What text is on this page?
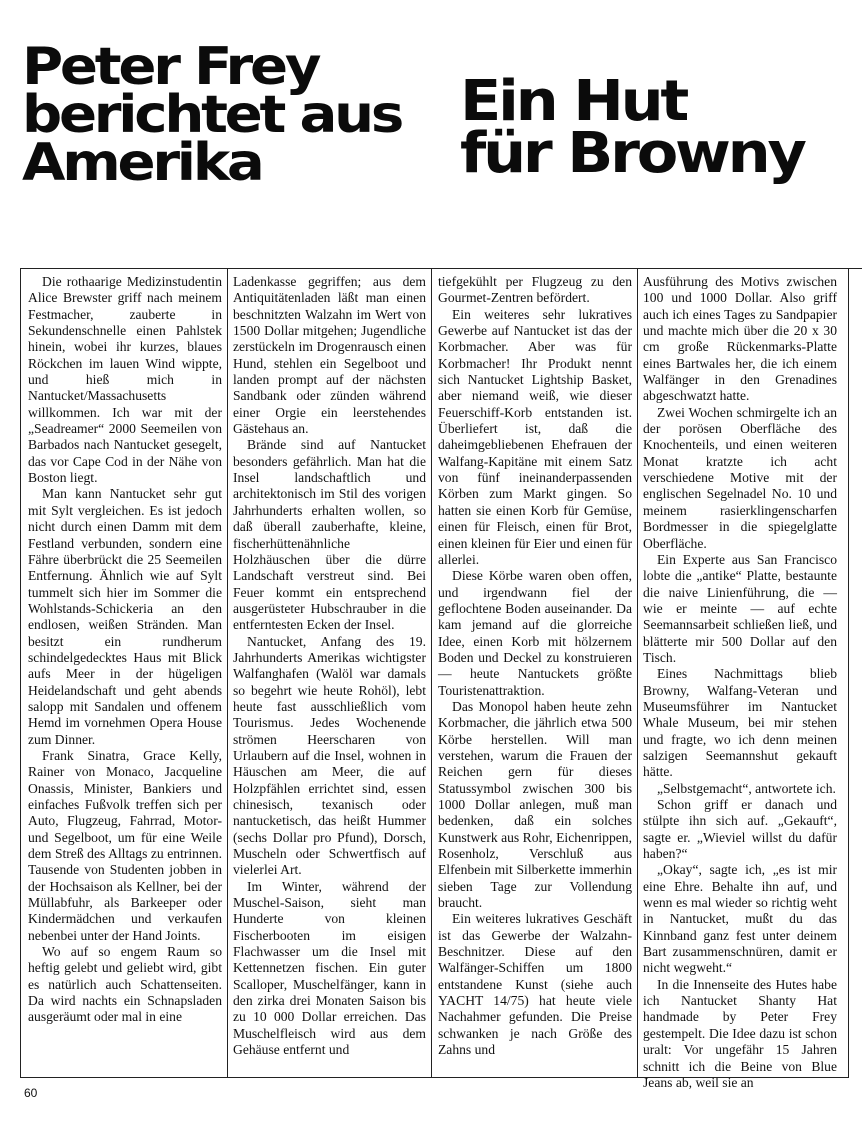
Peter Frey
berichtet aus
Amerika
Ein Hut
für Browny

Die rothaarige Medizinstudentin Alice Brewster griff nach meinem Festmacher, zauberte in Sekundenschnelle einen Pahlstek hinein, wobei ihr kurzes, blaues Röckchen im lauen Wind wippte, und hieß mich in Nantucket/Massachusetts willkommen. Ich war mit der „Seadreamer“ 2000 Seemeilen von Barbados nach Nantucket gesegelt, das vor Cape Cod in der Nähe von Boston liegt.

Man kann Nantucket sehr gut mit Sylt vergleichen. Es ist jedoch nicht durch einen Damm mit dem Festland verbunden, sondern eine Fähre überbrückt die 25 Seemeilen Entfernung. Ähnlich wie auf Sylt tummelt sich hier im Sommer die Wohlstands-Schickeria an den endlosen, weißen Stränden. Man besitzt ein rundherum schindelgedecktes Haus mit Blick aufs Meer in der hügeligen Heidelandschaft und geht abends salopp mit Sandalen und offenem Hemd im vornehmen Opera House zum Dinner.

Frank Sinatra, Grace Kelly, Rainer von Monaco, Jacqueline Onassis, Minister, Bankiers und einfaches Fußvolk treffen sich per Auto, Flugzeug, Fahrrad, Motor- und Segelboot, um für eine Weile dem Streß des Alltags zu entrinnen. Tausende von Studenten jobben in der Hochsaison als Kellner, bei der Müllabfuhr, als Barkeeper oder Kindermädchen und verkaufen nebenbei unter der Hand Joints.

Wo auf so engem Raum so heftig gelebt und geliebt wird, gibt es natürlich auch Schattenseiten. Da wird nachts ein Schnapsladen ausgeräumt oder mal in eine

Ladenkasse gegriffen; aus dem Antiquitätenladen läßt man einen beschnitzten Walzahn im Wert von 1500 Dollar mitgehen; Jugendliche zerstückeln im Drogenrausch einen Hund, stehlen ein Segelboot und landen prompt auf der nächsten Sandbank oder zünden während einer Orgie ein leerstehendes Gästehaus an.

Brände sind auf Nantucket besonders gefährlich. Man hat die Insel landschaftlich und architektonisch im Stil des vorigen Jahrhunderts erhalten wollen, so daß überall zauberhafte, kleine, fischerhüttenähnliche Holzhäuschen über die dürre Landschaft verstreut sind. Bei Feuer kommt ein entsprechend ausgerüsteter Hubschrauber in die entferntesten Ecken der Insel.

Nantucket, Anfang des 19. Jahrhunderts Amerikas wichtigster Walfanghafen (Walöl war damals so begehrt wie heute Rohöl), lebt heute fast ausschließlich vom Tourismus. Jedes Wochenende strömen Heerscharen von Urlaubern auf die Insel, wohnen in Häuschen am Meer, die auf Holzpfählen errichtet sind, essen chinesisch, texanisch oder nantucketisch, das heißt Hummer (sechs Dollar pro Pfund), Dorsch, Muscheln oder Schwertfisch auf vielerlei Art.

Im Winter, während der Muschel-Saison, sieht man Hunderte von kleinen Fischerbooten im eisigen Flachwasser um die Insel mit Kettennetzen fischen. Ein guter Scalloper, Muschelfänger, kann in den zirka drei Monaten Saison bis zu 10 000 Dollar erreichen. Das Muschelfleisch wird aus dem Gehäuse entfernt und

tiefgekühlt per Flugzeug zu den Gourmet-Zentren befördert.

Ein weiteres sehr lukratives Gewerbe auf Nantucket ist das der Korbmacher. Aber was für Korbmacher! Ihr Produkt nennt sich Nantucket Lightship Basket, aber niemand weiß, wie dieser Feuerschiff-Korb entstanden ist. Überliefert ist, daß die daheimgebliebenen Ehefrauen der Walfang-Kapitäne mit einem Satz von fünf ineinanderpassenden Körben zum Markt gingen. So hatten sie einen Korb für Gemüse, einen für Fleisch, einen für Brot, einen kleinen für Eier und einen für allerlei.

Diese Körbe waren oben offen, und irgendwann fiel der geflochtene Boden auseinander. Da kam jemand auf die glorreiche Idee, einen Korb mit hölzernem Boden und Deckel zu konstruieren — heute Nantuckets größte Touristenattraktion.

Das Monopol haben heute zehn Korbmacher, die jährlich etwa 500 Körbe herstellen. Will man verstehen, warum die Frauen der Reichen gern für dieses Statussymbol zwischen 300 bis 1000 Dollar anlegen, muß man bedenken, daß ein solches Kunstwerk aus Rohr, Eichenrippen, Rosenholz, Verschluß aus Elfenbein mit Silberkette immerhin sieben Tage zur Vollendung braucht.

Ein weiteres lukratives Geschäft ist das Gewerbe der Walzahn-Beschnitzer. Diese auf den Walfänger-Schiffen um 1800 entstandene Kunst (siehe auch YACHT 14/75) hat heute viele Nachahmer gefunden. Die Preise schwanken je nach Größe des Zahns und

Ausführung des Motivs zwischen 100 und 1000 Dollar. Also griff auch ich eines Tages zu Sandpapier und machte mich über die 20 x 30 cm große Rückenmarks-Platte eines Bartwales her, die ich einem Walfänger in den Grenadines abgeschwatzt hatte.

Zwei Wochen schmirgelte ich an der porösen Oberfläche des Knochenteils, und einen weiteren Monat kratzte ich acht verschiedene Motive mit der englischen Segelnadel No. 10 und meinem rasierklingenscharfen Bordmesser in die spiegelglatte Oberfläche.

Ein Experte aus San Francisco lobte die „antike“ Platte, bestaunte die naive Linienführung, die — wie er meinte — auf echte Seemannsarbeit schließen ließ, und blätterte mir 500 Dollar auf den Tisch.

Eines Nachmittags blieb Browny, Walfang-Veteran und Museumsführer im Nantucket Whale Museum, bei mir stehen und fragte, wo ich denn meinen salzigen Seemannshut gekauft hätte.

„Selbstgemacht“, antwortete ich.

Schon griff er danach und stülpte ihn sich auf. „Gekauft“, sagte er. „Wieviel willst du dafür haben?“

„Okay“, sagte ich, „es ist mir eine Ehre. Behalte ihn auf, und wenn es mal wieder so richtig weht in Nantucket, mußt du das Kinnband ganz fest unter deinem Bart zusammenschnüren, damit er nicht wegweht.“

In die Innenseite des Hutes habe ich Nantucket Shanty Hat handmade by Peter Frey gestempelt. Die Idee dazu ist schon uralt: Vor ungefähr 15 Jahren schnitt ich die Beine von Blue Jeans ab, weil sie an

60
